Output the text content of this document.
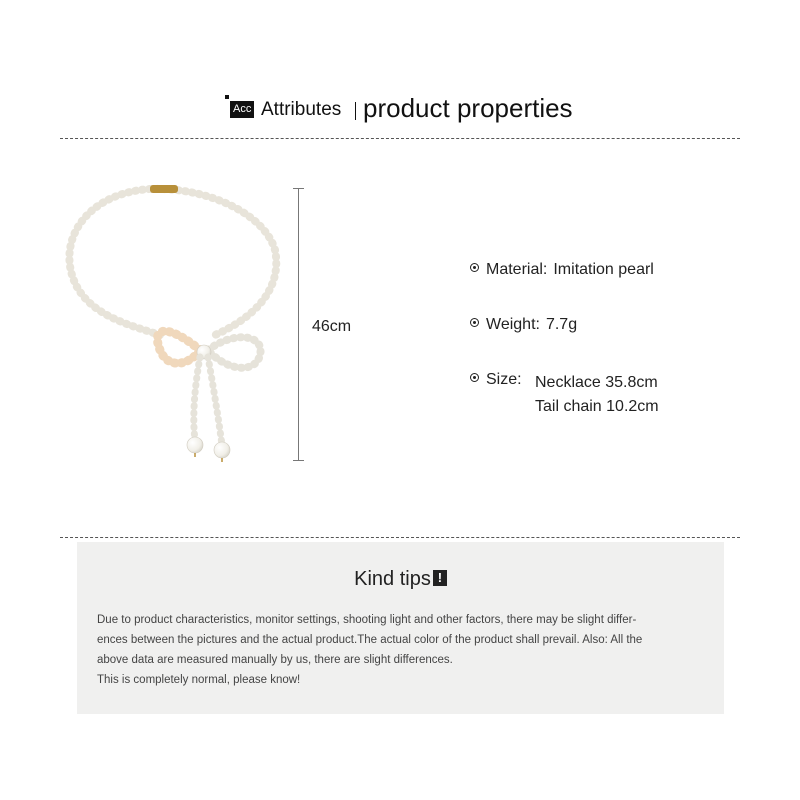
Acc Attributes product properties
46cm
Material: Imitation pearl
Weight: 7.7g
Size: Necklace 35.8cm
Tail chain 10.2cm
Kind tips !

Due to product characteristics, monitor settings, shooting light and other factors, there may be slight differ-

ences between the pictures and the actual product.The actual color of the product shall prevail. Also: All the

above data are measured manually by us, there are slight differences.

This is completely normal, please know!
